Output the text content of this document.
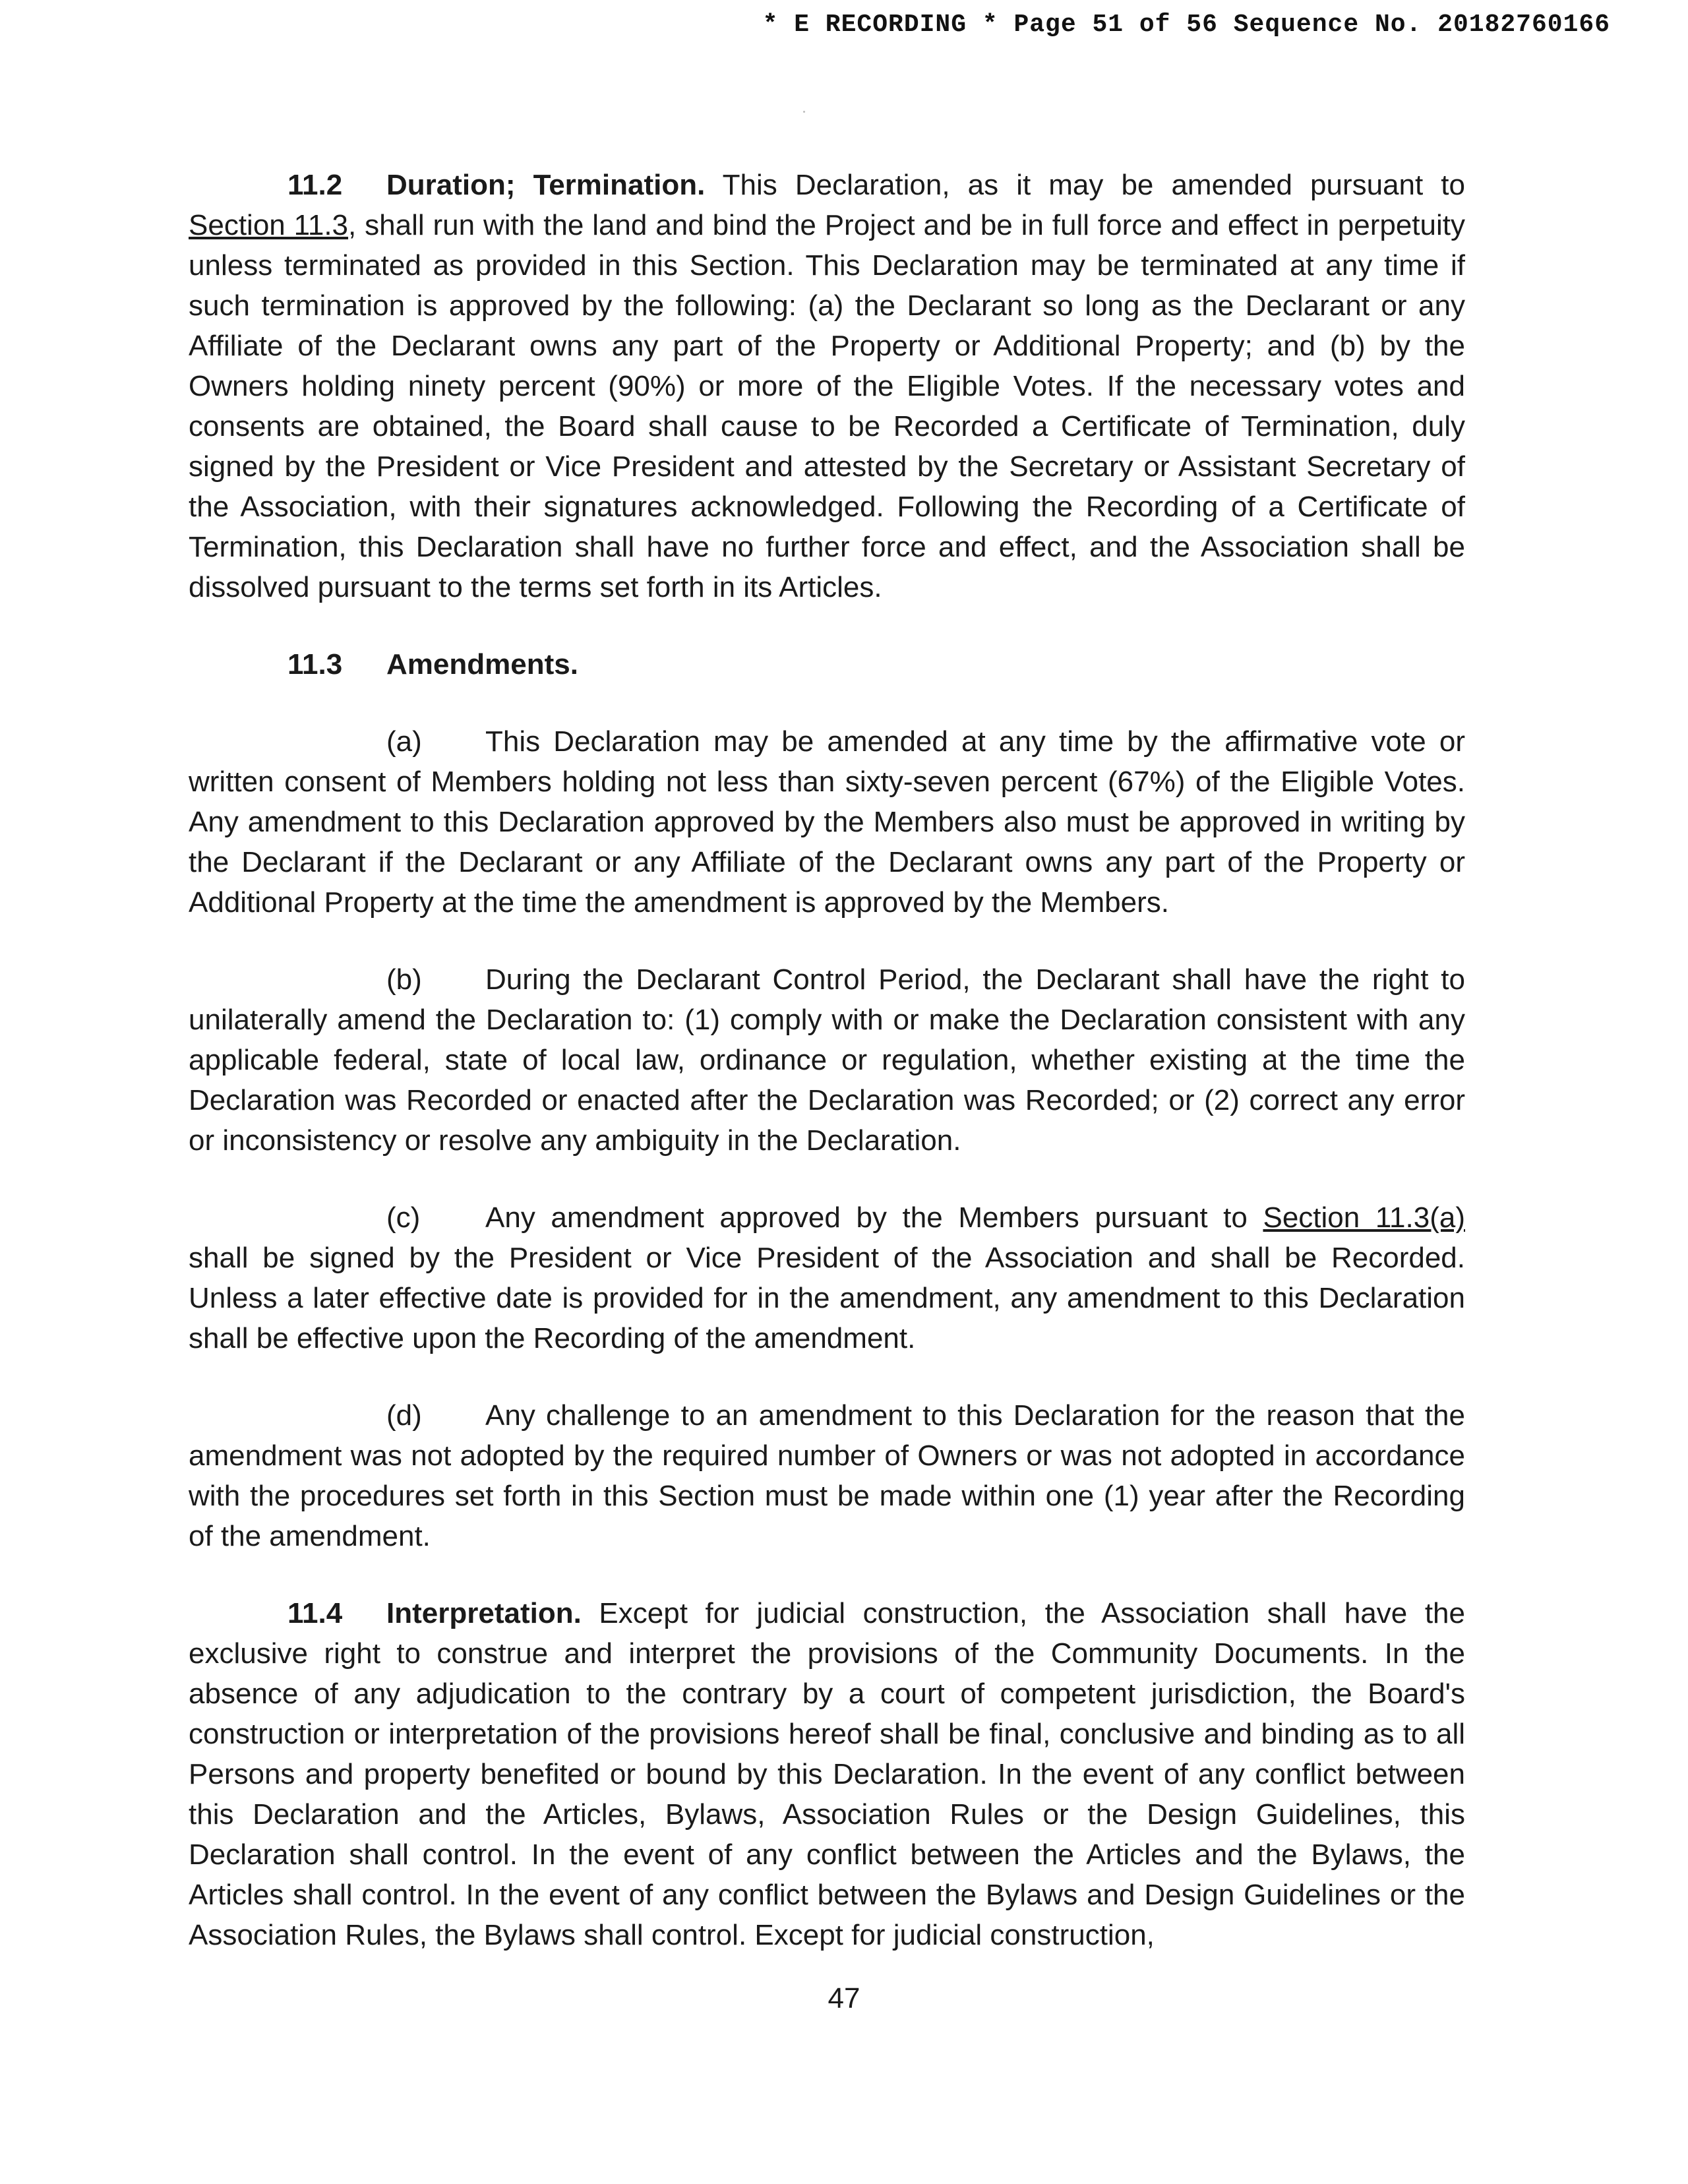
* E RECORDING * Page 51 of 56 Sequence No. 20182760166

11.2 Duration; Termination. This Declaration, as it may be amended pursuant to Section 11.3, shall run with the land and bind the Project and be in full force and effect in perpetuity unless terminated as provided in this Section. This Declaration may be terminated at any time if such termination is approved by the following: (a) the Declarant so long as the Declarant or any Affiliate of the Declarant owns any part of the Property or Additional Property; and (b) by the Owners holding ninety percent (90%) or more of the Eligible Votes. If the necessary votes and consents are obtained, the Board shall cause to be Recorded a Certificate of Termination, duly signed by the President or Vice President and attested by the Secretary or Assistant Secretary of the Association, with their signatures acknowledged. Following the Recording of a Certificate of Termination, this Declaration shall have no further force and effect, and the Association shall be dissolved pursuant to the terms set forth in its Articles.

11.3 Amendments.

(a) This Declaration may be amended at any time by the affirmative vote or written consent of Members holding not less than sixty-seven percent (67%) of the Eligible Votes. Any amendment to this Declaration approved by the Members also must be approved in writing by the Declarant if the Declarant or any Affiliate of the Declarant owns any part of the Property or Additional Property at the time the amendment is approved by the Members.

(b) During the Declarant Control Period, the Declarant shall have the right to unilaterally amend the Declaration to: (1) comply with or make the Declaration consistent with any applicable federal, state of local law, ordinance or regulation, whether existing at the time the Declaration was Recorded or enacted after the Declaration was Recorded; or (2) correct any error or inconsistency or resolve any ambiguity in the Declaration.

(c) Any amendment approved by the Members pursuant to Section 11.3(a) shall be signed by the President or Vice President of the Association and shall be Recorded. Unless a later effective date is provided for in the amendment, any amendment to this Declaration shall be effective upon the Recording of the amendment.

(d) Any challenge to an amendment to this Declaration for the reason that the amendment was not adopted by the required number of Owners or was not adopted in accordance with the procedures set forth in this Section must be made within one (1) year after the Recording of the amendment.

11.4 Interpretation. Except for judicial construction, the Association shall have the exclusive right to construe and interpret the provisions of the Community Documents. In the absence of any adjudication to the contrary by a court of competent jurisdiction, the Board's construction or interpretation of the provisions hereof shall be final, conclusive and binding as to all Persons and property benefited or bound by this Declaration. In the event of any conflict between this Declaration and the Articles, Bylaws, Association Rules or the Design Guidelines, this Declaration shall control. In the event of any conflict between the Articles and the Bylaws, the Articles shall control. In the event of any conflict between the Bylaws and Design Guidelines or the Association Rules, the Bylaws shall control. Except for judicial construction,

47
